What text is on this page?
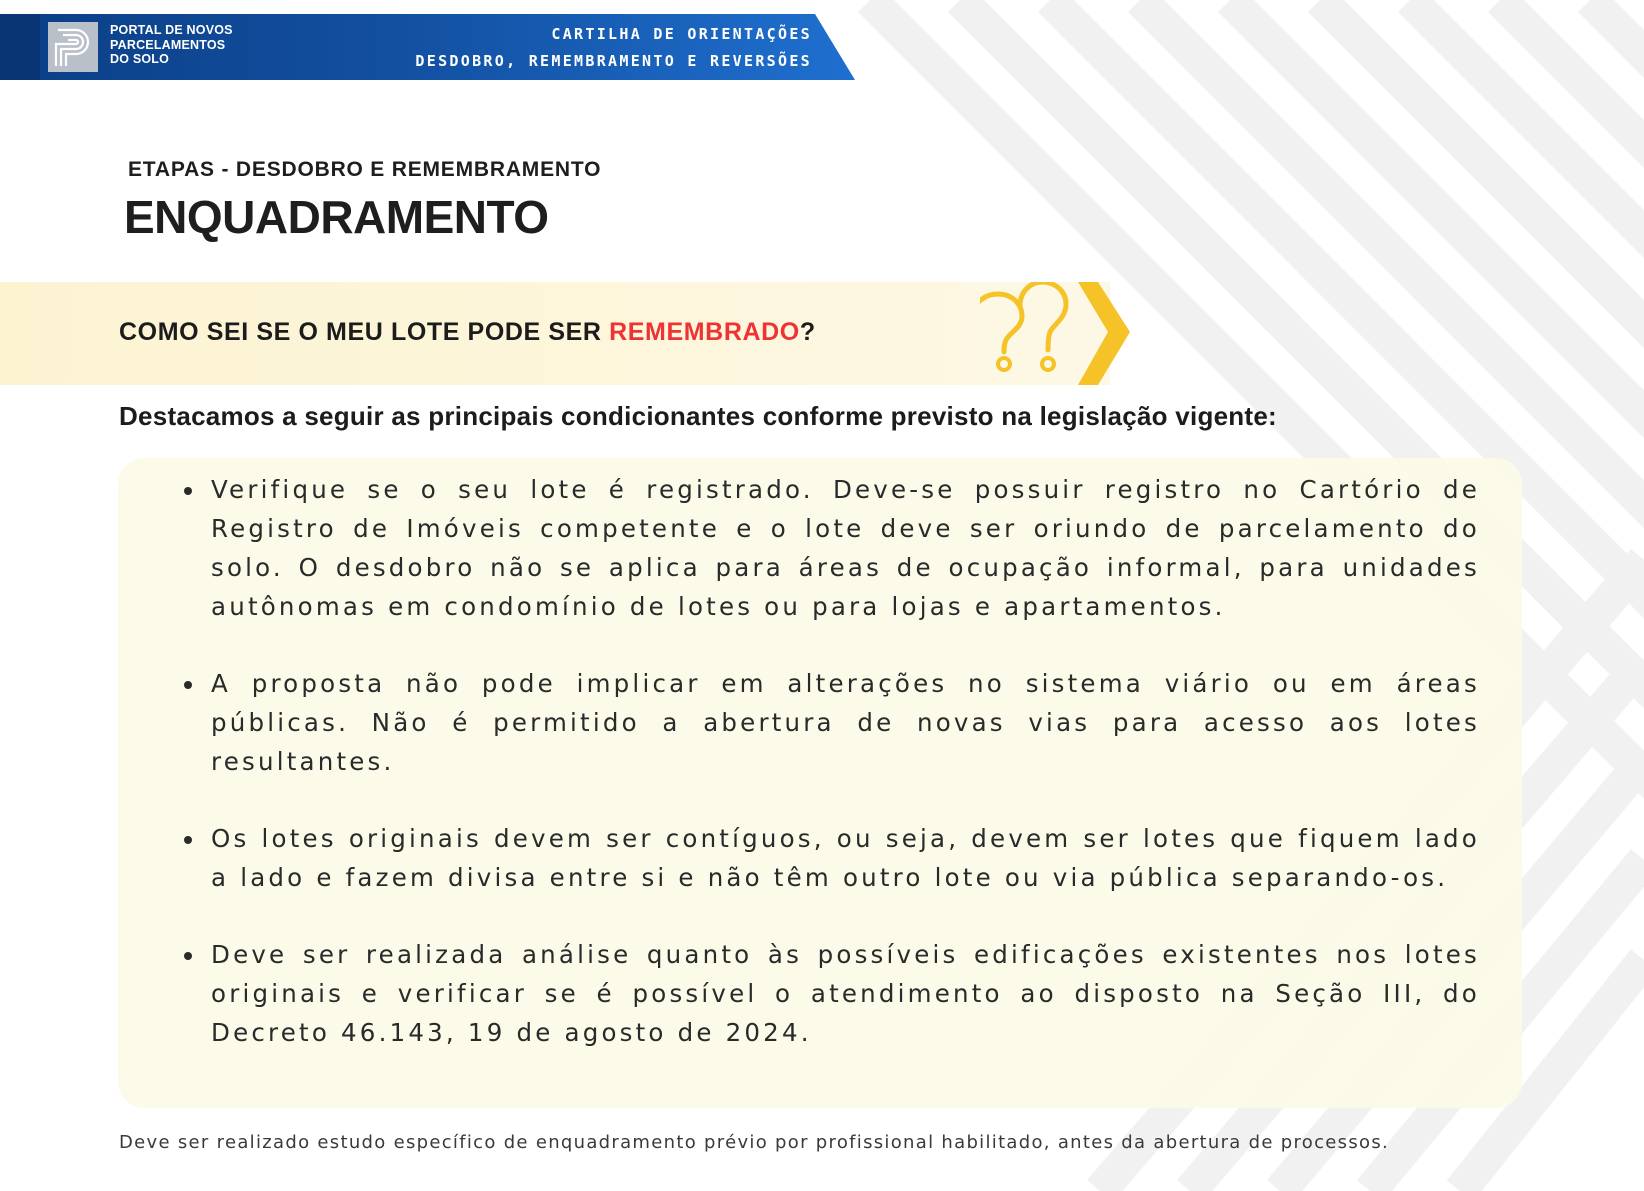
PORTAL DE NOVOS
PARCELAMENTOS
DO SOLO
CARTILHA DE ORIENTAÇÕES
DESDOBRO, REMEMBRAMENTO E REVERSÕES
ETAPAS - DESDOBRO E REMEMBRAMENTO
ENQUADRAMENTO
COMO SEI SE O MEU LOTE PODE SER REMEMBRADO?
Destacamos a seguir as principais condicionantes conforme previsto na legislação vigente:
Verifique se o seu lote é registrado. Deve-se possuir registro no Cartório de Registro de Imóveis competente e o lote deve ser oriundo de parcelamento do solo. O desdobro não se aplica para áreas de ocupação informal, para unidades autônomas em condomínio de lotes ou para lojas e apartamentos.
A proposta não pode implicar em alterações no sistema viário ou em áreas públicas. Não é permitido a abertura de novas vias para acesso aos lotes resultantes.
Os lotes originais devem ser contíguos, ou seja, devem ser lotes que fiquem lado a lado e fazem divisa entre si e não têm outro lote ou via pública separando-os.
Deve ser realizada análise quanto às possíveis edificações existentes nos lotes originais e verificar se é possível o atendimento ao disposto na Seção III, do Decreto 46.143, 19 de agosto de 2024.
Deve ser realizado estudo específico de enquadramento prévio por profissional habilitado, antes da abertura de processos.
